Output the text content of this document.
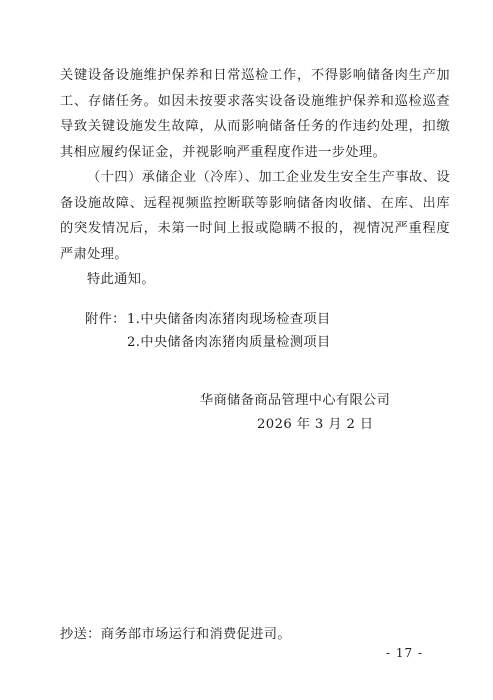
关键设备设施维护保养和日常巡检工作，不得影响储备肉生产加工、存储任务。如因未按要求落实设备设施维护保养和巡检巡查导致关键设施发生故障，从而影响储备任务的作违约处理，扣缴其相应履约保证金，并视影响严重程度作进一步处理。

（十四）承储企业（冷库）、加工企业发生安全生产事故、设备设施故障、远程视频监控断联等影响储备肉收储、在库、出库的突发情况后，未第一时间上报或隐瞒不报的，视情况严重程度严肃处理。

特此通知。

附件： 1.中央储备肉冻猪肉现场检查项目
2.中央储备肉冻猪肉质量检测项目
华商储备商品管理中心有限公司
2026 年 3 月 2 日
抄送：商务部市场运行和消费促进司。
- 17 -
